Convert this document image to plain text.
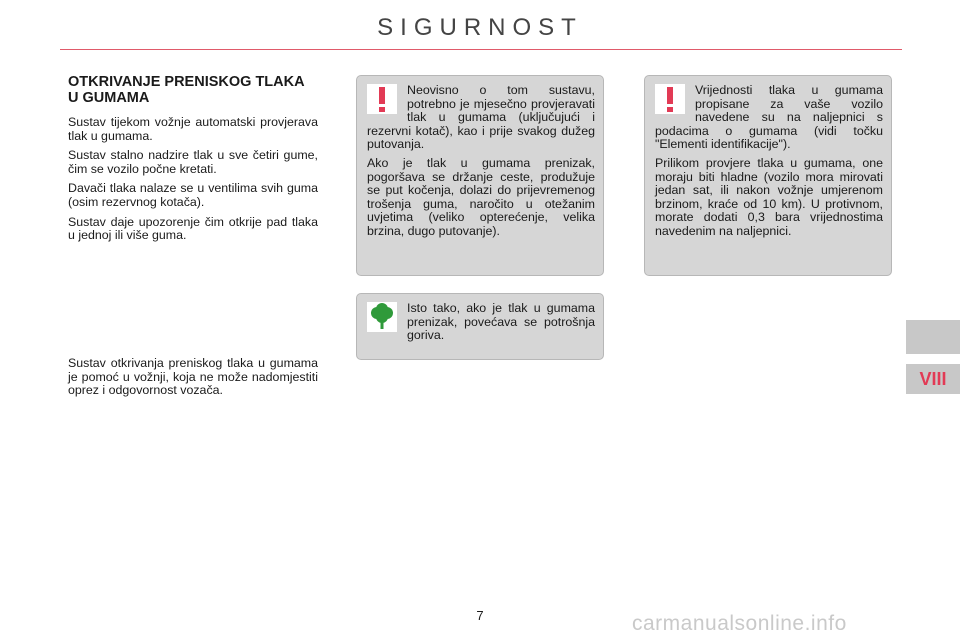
SIGURNOST
OTKRIVANJE PRENISKOG TLAKA U GUMAMA

Sustav tijekom vožnje automatski provjerava tlak u gumama.

Sustav stalno nadzire tlak u sve četiri gume, čim se vozilo počne kretati.

Davači tlaka nalaze se u ventilima svih guma (osim rezervnog kotača).

Sustav daje upozorenje čim otkrije pad tlaka u jednoj ili više guma.

Sustav otkrivanja preniskog tlaka u gumama je pomoć u vožnji, koja ne može nadomjestiti oprez i odgovornost vozača.

Neovisno o tom sustavu, potrebno je mjesečno provjeravati tlak u gumama (uključujući i rezervni kotač), kao i prije svakog dužeg putovanja.

Ako je tlak u gumama prenizak, pogoršava se držanje ceste, produžuje se put kočenja, dolazi do prijevremenog trošenja guma, naročito u otežanim uvjetima (veliko opterećenje, velika brzina, dugo putovanje).

Vrijednosti tlaka u gumama propisane za vaše vozilo navedene su na naljepnici s podacima o gumama (vidi točku "Elementi identifikacije").

Prilikom provjere tlaka u gumama, one moraju biti hladne (vozilo mora mirovati jedan sat, ili nakon vožnje umjerenom brzinom, kraće od 10 km). U protivnom, morate dodati 0,3 bara vrijednostima navedenim na naljepnici.

Isto tako, ako je tlak u gumama prenizak, povećava se potrošnja goriva.

VIII
7	carmanualsonline.info
